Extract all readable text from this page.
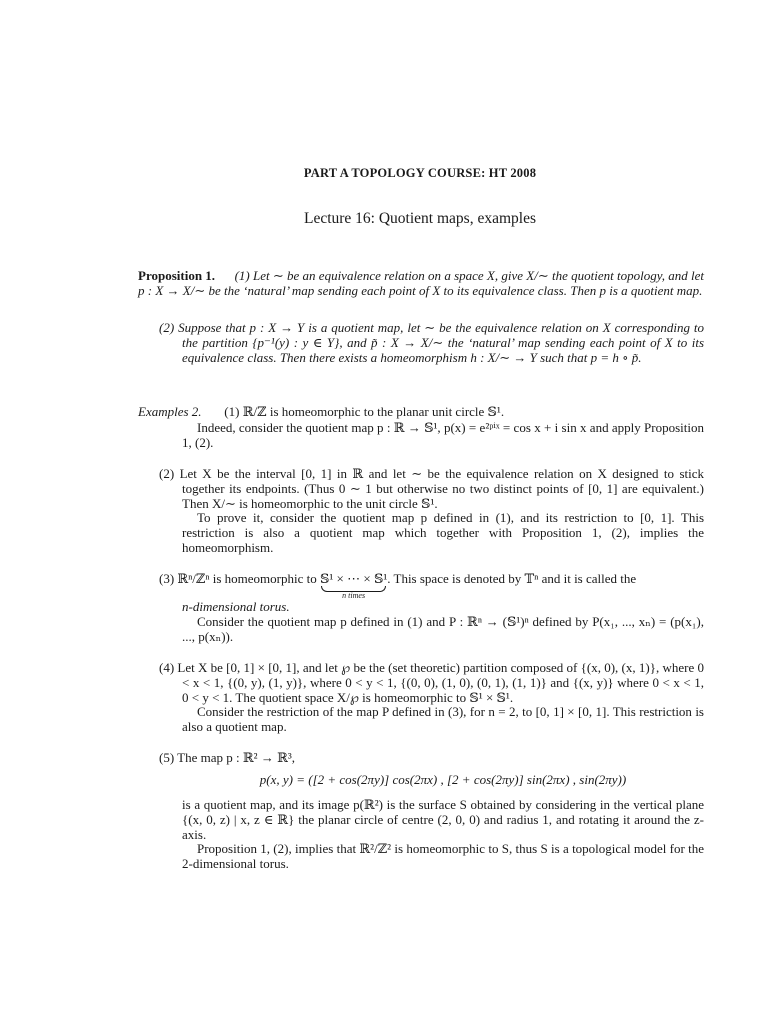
PART A TOPOLOGY COURSE: HT 2008
Lecture 16: Quotient maps, examples

Proposition 1. (1) Let ∼ be an equivalence relation on a space X, give X/∼ the quotient topology, and let p : X → X/∼ be the ‘natural’ map sending each point of X to its equivalence class. Then p is a quotient map.

(2) Suppose that p : X → Y is a quotient map, let ∼ be the equivalence relation on X corresponding to the partition {p⁻¹(y) : y ∈ Y}, and p̃ : X → X/∼ the ‘natural’ map sending each point of X to its equivalence class. Then there exists a homeomorphism h : X/∼ → Y such that p = h ∘ p̃.

Examples 2. (1) ℝ/ℤ is homeomorphic to the planar unit circle 𝕊¹.

Indeed, consider the quotient map p : ℝ → 𝕊¹, p(x) = e²ᵖⁱˣ = cos x + i sin x and apply Proposition 1, (2).
(2) Let X be the interval [0, 1] in ℝ and let ∼ be the equivalence relation on X designed to stick together its endpoints. (Thus 0 ∼ 1 but otherwise no two distinct points of [0, 1] are equivalent.) Then X/∼ is homeomorphic to the unit circle 𝕊¹.
To prove it, consider the quotient map p defined in (1), and its restriction to [0, 1]. This restriction is also a quotient map which together with Proposition 1, (2), implies the homeomorphism.
(3) ℝⁿ/ℤⁿ is homeomorphic to 𝕊¹ × ⋯ × 𝕊¹
n times
. This space is denoted by 𝕋ⁿ and it is called the
n-dimensional torus.
Consider the quotient map p defined in (1) and P : ℝⁿ → (𝕊¹)ⁿ defined by P(x₁, ..., xₙ) = (p(x₁), ..., p(xₙ)).
(4) Let X be [0, 1] × [0, 1], and let ℘ be the (set theoretic) partition composed of {(x, 0), (x, 1)}, where 0 < x < 1, {(0, y), (1, y)}, where 0 < y < 1, {(0, 0), (1, 0), (0, 1), (1, 1)} and {(x, y)} where 0 < x < 1, 0 < y < 1. The quotient space X/℘ is homeomorphic to 𝕊¹ × 𝕊¹.
Consider the restriction of the map P defined in (3), for n = 2, to [0, 1] × [0, 1]. This restriction is also a quotient map.
(5) The map p : ℝ² → ℝ³,
p(x, y) = ([2 + cos(2πy)] cos(2πx) , [2 + cos(2πy)] sin(2πx) , sin(2πy))
is a quotient map, and its image p(ℝ²) is the surface S obtained by considering in the vertical plane {(x, 0, z) | x, z ∈ ℝ} the planar circle of centre (2, 0, 0) and radius 1, and rotating it around the z-axis.
Proposition 1, (2), implies that ℝ²/ℤ² is homeomorphic to S, thus S is a topological model for the 2-dimensional torus.
